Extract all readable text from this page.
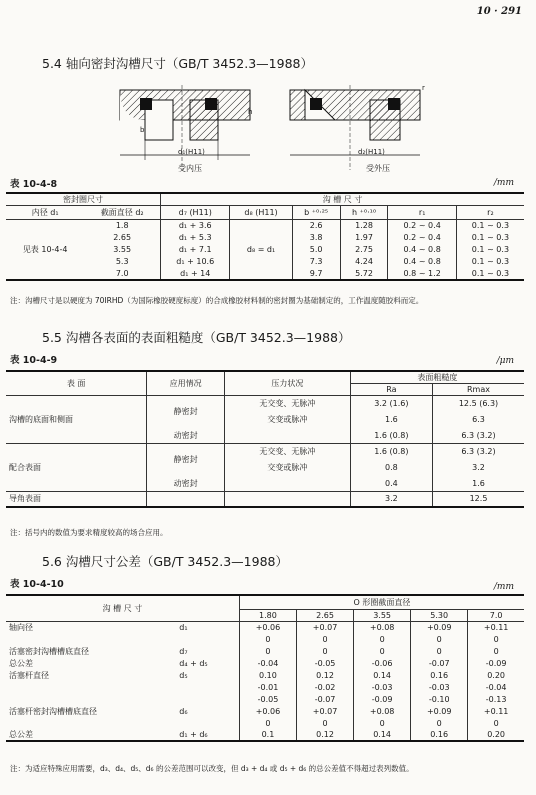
10 · 291
5.4 轴向密封沟槽尺寸（GB/T 3452.3—1988）
d₁(H11)	d₂(H11)
b
h
r
受内压	受外压
表 10-4-8	/mm
密封圈尺寸		沟 槽 尺 寸					
内径 d₁	截面直径 d₂	d₇ (H11)	d₈ (H11)	b ⁺⁰·²⁵	h ⁺⁰·¹⁰	r₁	r₂
见表 10-4-4	1.8	d₁ + 3.6	d₈ = d₁	2.6	1.28	0.2 ~ 0.4	0.1 ~ 0.3
	2.65	d₁ + 5.3		3.8	1.97	0.2 ~ 0.4	0.1 ~ 0.3
	3.55	d₁ + 7.1		5.0	2.75	0.4 ~ 0.8	0.1 ~ 0.3
	5.3	d₁ + 10.6		7.3	4.24	0.4 ~ 0.8	0.1 ~ 0.3
	7.0	d₁ + 14		9.7	5.72	0.8 ~ 1.2	0.1 ~ 0.3
注：沟槽尺寸是以硬度为 70IRHD（为国际橡胶硬度标度）的合成橡胶材料制的密封圈为基础制定的，工作温度随胶料而定。
5.5 沟槽各表面的表面粗糙度（GB/T 3452.3—1988）
表 10-4-9	/μm
表 面	应用情况	压力状况	表面粗糙度	
			Ra	Rmax
沟槽的底面和侧面	静密封	无交变、无脉冲	3.2 (1.6)	12.5 (6.3)
		交变或脉冲	1.6	6.3
	动密封		1.6 (0.8)	6.3 (3.2)
配合表面	静密封	无交变、无脉冲	1.6 (0.8)	6.3 (3.2)
		交变或脉冲	0.8	3.2
	动密封		0.4	1.6
导角表面			3.2	12.5
注：括号内的数值为要求精度较高的场合应用。
5.6 沟槽尺寸公差（GB/T 3452.3—1988）
表 10-4-10	/mm
沟 槽 尺 寸		O 形圈截面直径				
		1.80	2.65	3.55	5.30	7.0
轴向径	d₁	+0.06	+0.07	+0.08	+0.09	+0.11
		0	0	0	0	0
活塞密封沟槽槽底直径	d₇	0	0	0	0	0
总公差	d₄ + d₅	-0.04	-0.05	-0.06	-0.07	-0.09
活塞杆直径	d₅	0.10	0.12	0.14	0.16	0.20
		-0.01	-0.02	-0.03	-0.03	-0.04
		-0.05	-0.07	-0.09	-0.10	-0.13
活塞杆密封沟槽槽底直径	d₆	+0.06	+0.07	+0.08	+0.09	+0.11
		0	0	0	0	0
总公差	d₁ + d₆	0.1	0.12	0.14	0.16	0.20
注：为适应特殊应用需要，d₃、d₄、d₅、d₆ 的公差范围可以改变，但 d₃ + d₄ 或 d₅ + d₆ 的总公差值不得超过表列数值。
